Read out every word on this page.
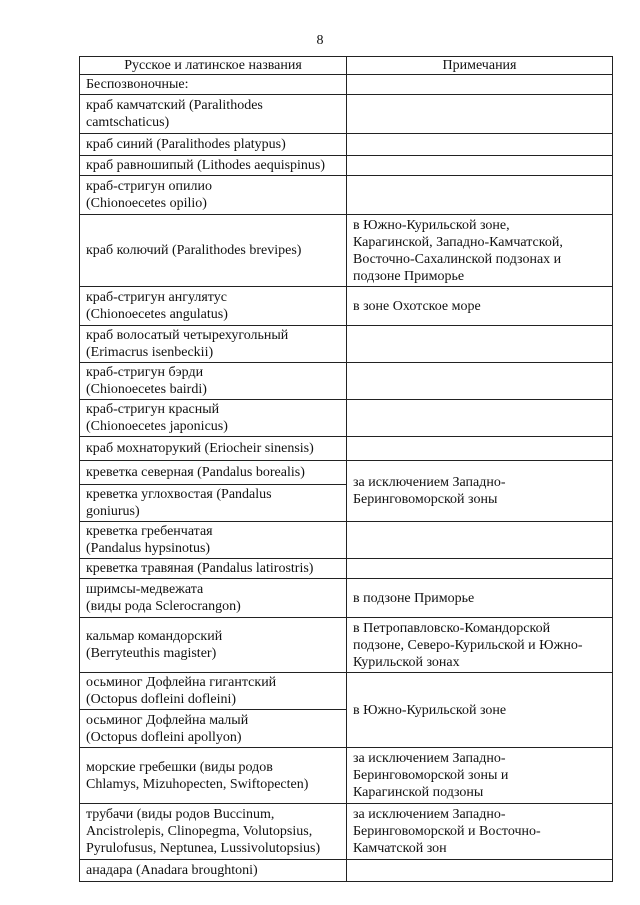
8
Русское и латинское названия	Примечания
Беспозвоночные:	

краб камчатский (Paralithodes
camtschaticus)	

краб синий (Paralithodes platypus)	

краб равношипый (Lithodes aequispinus)	

краб-стригун опилио
(Chionoecetes opilio)	

краб колючий (Paralithodes brevipes)	в Южно-Курильской зоне,
Карагинской, Западно-Камчатской,
Восточно-Сахалинской подзонах и
подзоне Приморье

краб-стригун ангулятус
(Chionoecetes angulatus)	в зоне Охотское море

краб волосатый четырехугольный
(Erimacrus isenbeckii)	

краб-стригун бэрди
(Chionoecetes bairdi)	

краб-стригун красный
(Chionoecetes japonicus)	

краб мохнаторукий (Eriocheir sinensis)	

креветка северная (Pandalus borealis)	за исключением Западно-
Беринговоморской зоны

креветка углохвостая (Pandalus
goniurus)	

креветка гребенчатая
(Pandalus hypsinotus)	

креветка травяная (Pandalus latirostris)	

шримсы-медвежата
(виды рода Sclerocrangon)	в подзоне Приморье

кальмар командорский
(Berryteuthis magister)	в Петропавловско-Командорской
подзоне, Северо-Курильской и Южно-
Курильской зонах

осьминог Дофлейна гигантский
(Octopus dofleini dofleini)	в Южно-Курильской зоне

осьминог Дофлейна малый
(Octopus dofleini apollyon)	

морские гребешки (виды родов
Chlamys, Mizuhopecten, Swiftopecten)	за исключением Западно-
Беринговоморской зоны и
Карагинской подзоны

трубачи (виды родов Buccinum,
Ancistrolepis, Clinopegma, Volutopsius,
Pyrulofusus, Neptunea, Lussivolutopsius)	за исключением Западно-
Беринговоморской и Восточно-
Камчатской зон

анадара (Anadara broughtoni)	
